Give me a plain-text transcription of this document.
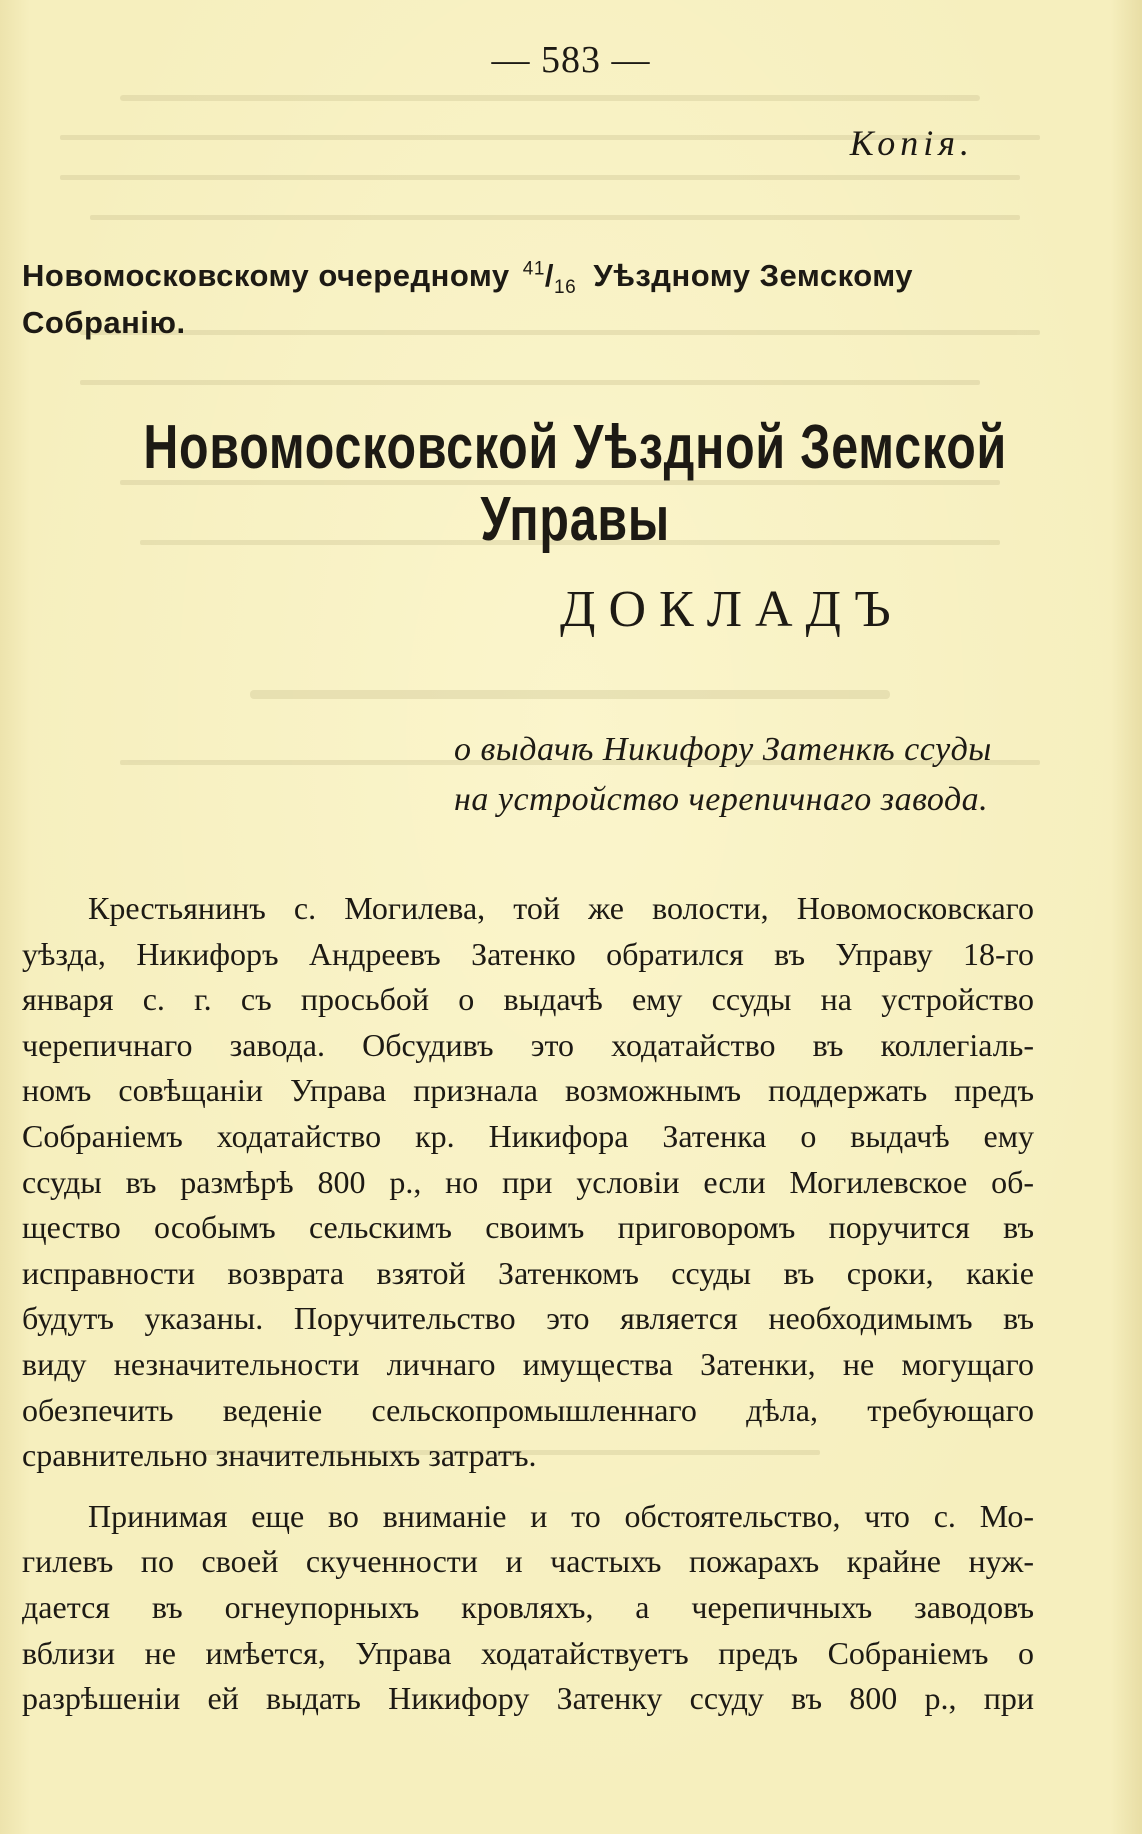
— 583 —
Копія.
Новомосковскому очередному $^{41}/_{16}$ Уѣздному Земскому
Собранію.
Новомосковской Уѣздной Земской Управы
ДОКЛАДЪ
о выдачѣ Никифору Затенкѣ ссуды
на устройство черепичнаго завода.
Крестьянинъ с. Могилева, той же волости, Новомосковскаго
уѣзда, Никифоръ Андреевъ Затенко обратился въ Управу 18-го
января с. г. съ просьбой о выдачѣ ему ссуды на устройство
черепичнаго завода. Обсудивъ это ходатайство въ коллегіаль-
номъ совѣщаніи Управа признала возможнымъ поддержать предъ
Собраніемъ ходатайство кр. Никифора Затенка о выдачѣ ему
ссуды въ размѣрѣ 800 р., но при условіи если Могилевское об-
щество особымъ сельскимъ своимъ приговоромъ поручится въ
исправности возврата взятой Затенкомъ ссуды въ сроки, какіе
будутъ указаны. Поручительство это является необходимымъ въ
виду незначительности личнаго имущества Затенки, не могущаго
обезпечить веденіе сельскопромышленнаго дѣла, требующаго
сравнительно значительныхъ затратъ.
Принимая еще во вниманіе и то обстоятельство, что с. Мо-
гилевъ по своей скученности и частыхъ пожарахъ крайне нуж-
дается въ огнеупорныхъ кровляхъ, а черепичныхъ заводовъ
вблизи не имѣется, Управа ходатайствуетъ предъ Собраніемъ о
разрѣшеніи ей выдать Никифору Затенку ссуду въ 800 р., при
